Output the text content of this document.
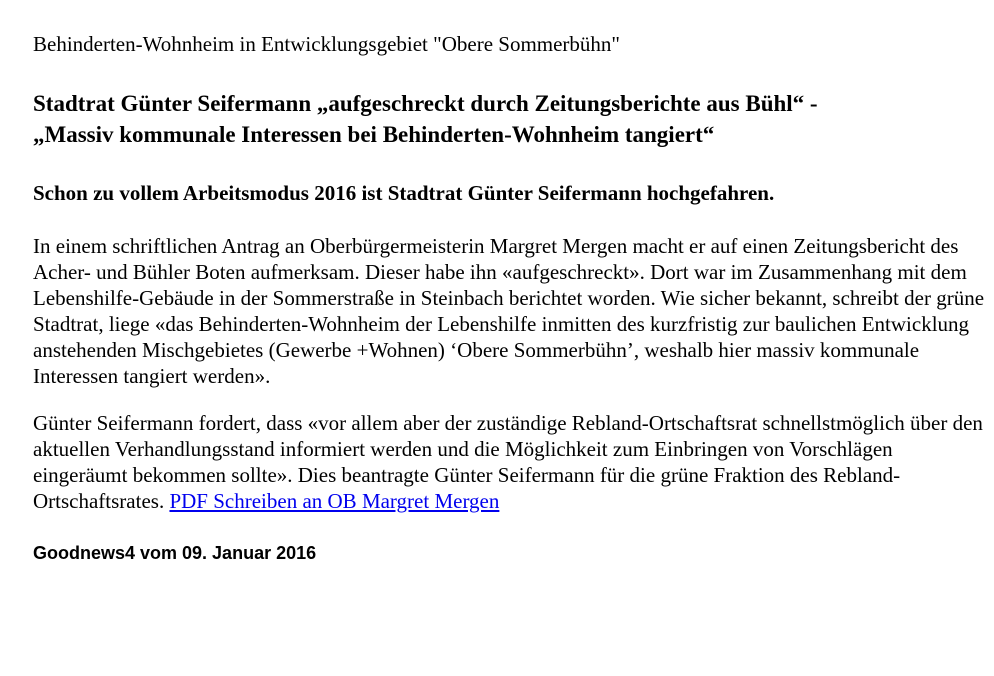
Behinderten-Wohnheim in Entwicklungsgebiet "Obere Sommerbühn"

Stadtrat Günter Seifermann „aufgeschreckt durch Zeitungsberichte aus Bühl“ -
„Massiv kommunale Interessen bei Behinderten-Wohnheim tangiert“

Schon zu vollem Arbeitsmodus 2016 ist Stadtrat Günter Seifermann hochgefahren.

In einem schriftlichen Antrag an Oberbürgermeisterin Margret Mergen macht er auf einen Zeitungsbericht des Acher- und Bühler Boten aufmerksam. Dieser habe ihn «aufgeschreckt». Dort war im Zusammenhang mit dem Lebenshilfe-Gebäude in der Sommerstraße in Steinbach berichtet worden. Wie sicher bekannt, schreibt der grüne Stadtrat, liege «das Behinderten-Wohnheim der Lebenshilfe inmitten des kurzfristig zur baulichen Entwicklung anstehenden Mischgebietes (Gewerbe +Wohnen) ‘Obere Sommerbühn’, weshalb hier massiv kommunale Interessen tangiert werden».

Günter Seifermann fordert, dass «vor allem aber der zuständige Rebland-Ortschaftsrat schnellstmöglich über den aktuellen Verhandlungsstand informiert werden und die Möglichkeit zum Einbringen von Vorschlägen eingeräumt bekommen sollte». Dies beantragte Günter Seifermann für die grüne Fraktion des Rebland-Ortschaftsrates. PDF Schreiben an OB Margret Mergen

Goodnews4 vom 09. Januar 2016
